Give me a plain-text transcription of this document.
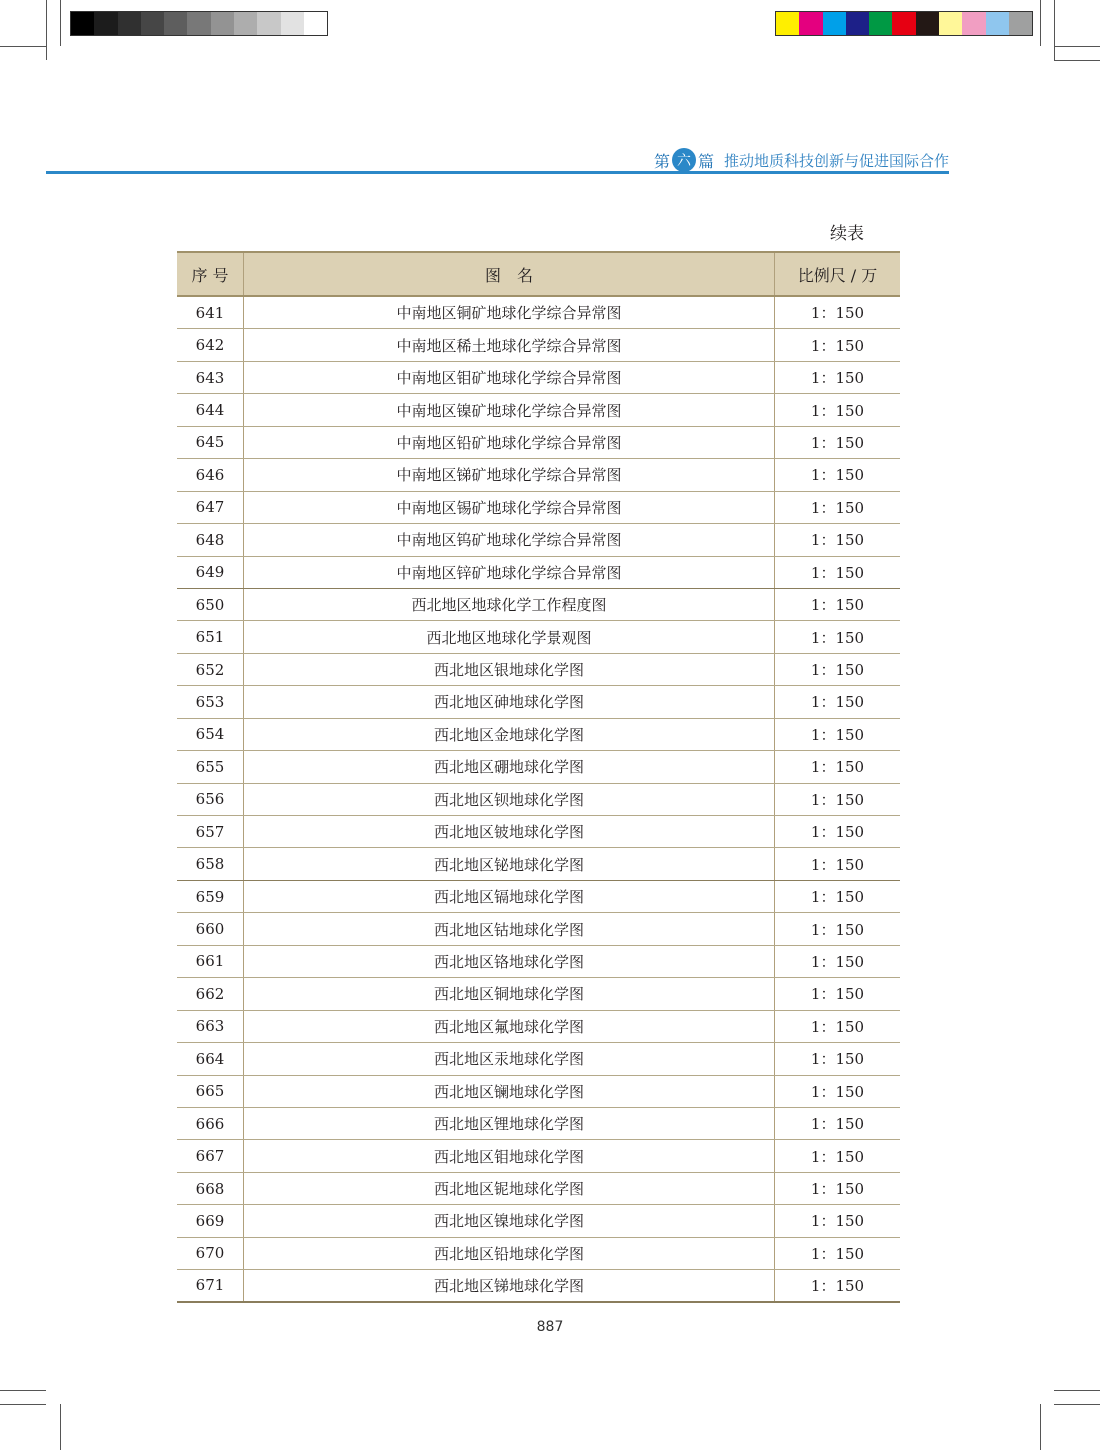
第 六 篇 推动地质科技创新与促进国际合作
续表
序 号	图　名	比例尺 / 万
641	中南地区铜矿地球化学综合异常图	1：150
642	中南地区稀土地球化学综合异常图	1：150
643	中南地区钼矿地球化学综合异常图	1：150
644	中南地区镍矿地球化学综合异常图	1：150
645	中南地区铅矿地球化学综合异常图	1：150
646	中南地区锑矿地球化学综合异常图	1：150
647	中南地区锡矿地球化学综合异常图	1：150
648	中南地区钨矿地球化学综合异常图	1：150
649	中南地区锌矿地球化学综合异常图	1：150
650	西北地区地球化学工作程度图	1：150
651	西北地区地球化学景观图	1：150
652	西北地区银地球化学图	1：150
653	西北地区砷地球化学图	1：150
654	西北地区金地球化学图	1：150
655	西北地区硼地球化学图	1：150
656	西北地区钡地球化学图	1：150
657	西北地区铍地球化学图	1：150
658	西北地区铋地球化学图	1：150
659	西北地区镉地球化学图	1：150
660	西北地区钴地球化学图	1：150
661	西北地区铬地球化学图	1：150
662	西北地区铜地球化学图	1：150
663	西北地区氟地球化学图	1：150
664	西北地区汞地球化学图	1：150
665	西北地区镧地球化学图	1：150
666	西北地区锂地球化学图	1：150
667	西北地区钼地球化学图	1：150
668	西北地区铌地球化学图	1：150
669	西北地区镍地球化学图	1：150
670	西北地区铅地球化学图	1：150
671	西北地区锑地球化学图	1：150
887
